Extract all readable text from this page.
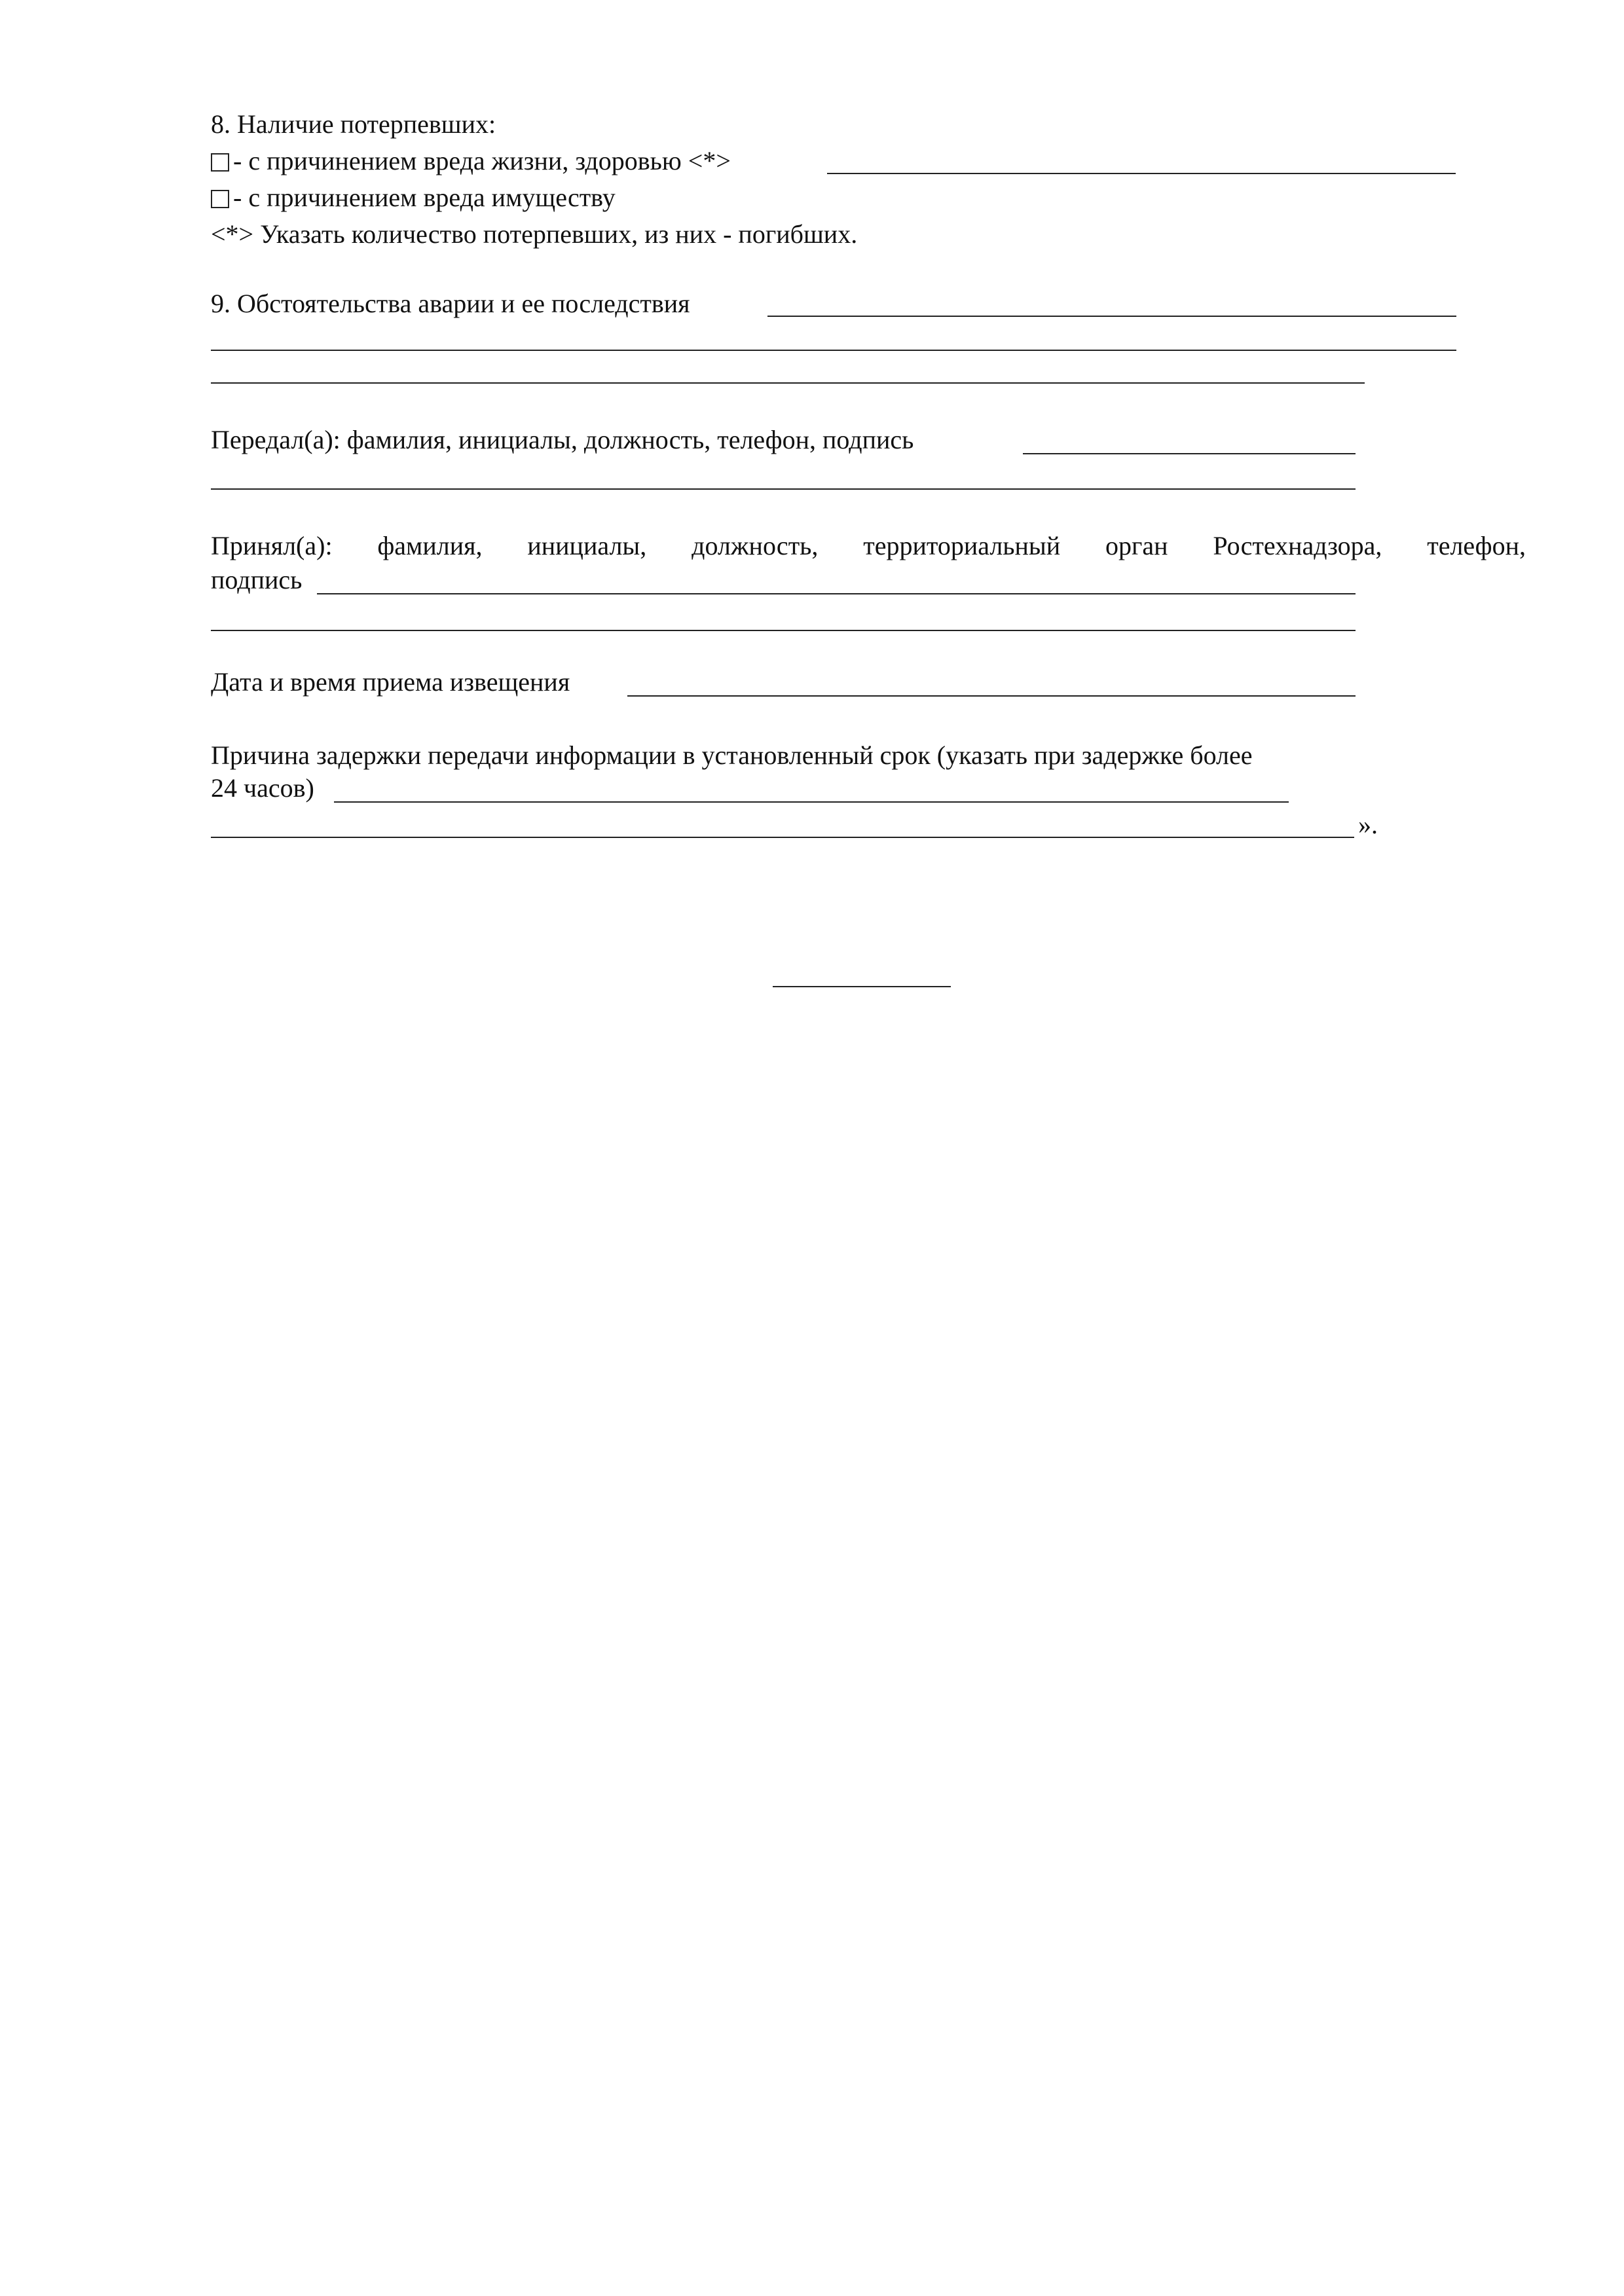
8. Наличие потерпевших:
- с причинением вреда жизни, здоровью <*>
- с причинением вреда имуществу
<*> Указать количество потерпевших, из них - погибших.
9. Обстоятельства аварии и ее последствия
Передал(а): фамилия, инициалы, должность, телефон, подпись
Принял(а): фамилия, инициалы, должность, территориальный орган Ростехнадзора, телефон,
подпись
Дата и время приема извещения
Причина задержки передачи информации в установленный срок (указать при задержке более
24 часов)
».
